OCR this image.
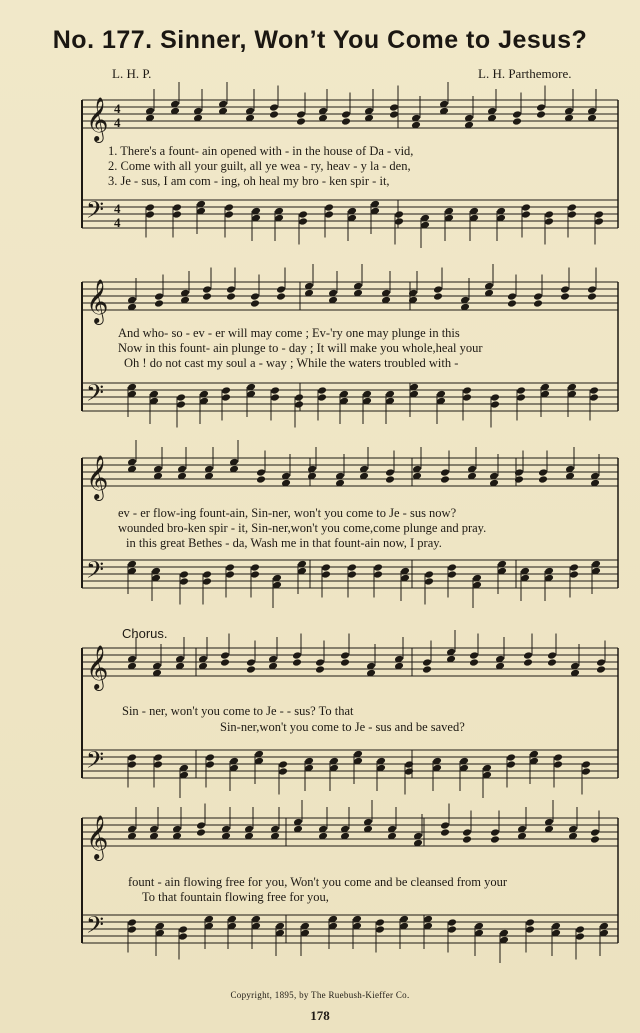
No. 177. Sinner, Won’t You Come to Jesus?
L. H. P.	L. H. Parthemore.
𝄞
𝄢
𝄞
𝄢
𝄞
𝄢
𝄞
𝄢
𝄞
𝄢
4
4
4
4
1. There's a fount- ain opened with - in the house of Da - vid,
2. Come with all your guilt, all ye wea - ry, heav - y la - den,
3. Je - sus, I am com - ing, oh heal my bro - ken spir - it,
And who- so - ev - er will may come ; Ev-'ry one may plunge in this
Now in this fount- ain plunge to - day ; It will make you whole,heal your
Oh ! do not cast my soul a - way ; While the waters troubled with -
ev - er flow-ing fount-ain, Sin-ner, won't you come to Je - sus now?
wounded bro-ken spir - it, Sin-ner,won't you come,come plunge and pray.
in this great Bethes - da, Wash me in that fount-ain now, I pray.
Chorus.
Sin - ner, won't you come to Je - - sus? To that
Sin-ner,won't you come to Je - sus and be saved?
fount - ain flowing free for you, Won't you come and be cleansed from your
To that fountain flowing free for you,
Copyright, 1895, by The Ruebush-Kieffer Co.
178
